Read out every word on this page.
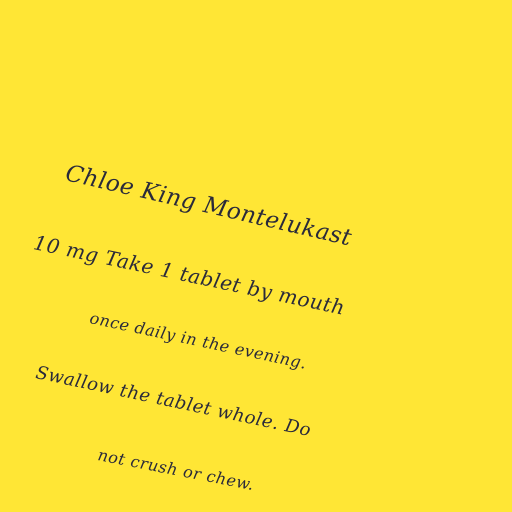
Chloe King Montelukast
10 mg Take 1 tablet by mouth
once daily in the evening.
Swallow the tablet whole. Do
not crush or chew.
